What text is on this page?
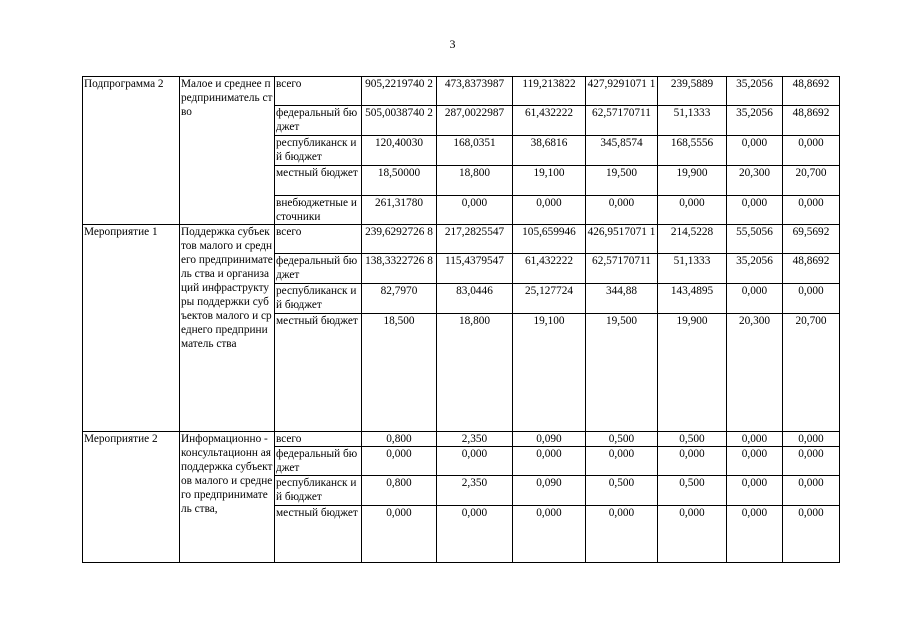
3
Подпрограмма 2	Малое и среднее предприниматель ство	всего	905,2219740 2	473,8373987	119,213822	427,9291071 1	239,5889	35,2056	48,8692
		федеральный бюджет	505,0038740 2	287,0022987	61,432222	62,57170711	51,1333	35,2056	48,8692
		республиканск ий бюджет	120,40030	168,0351	38,6816	345,8574	168,5556	0,000	0,000
		местный бюджет	18,50000	18,800	19,100	19,500	19,900	20,300	20,700
		внебюджетные источники	261,31780	0,000	0,000	0,000	0,000	0,000	0,000
Мероприятие 1	Поддержка субъектов малого и среднего предприниматель ства и организаций инфраструктуры поддержки субъектов малого и среднего предприниматель ства	всего	239,6292726 8	217,2825547	105,659946	426,9517071 1	214,5228	55,5056	69,5692
		федеральный бюджет	138,3322726 8	115,4379547	61,432222	62,57170711	51,1333	35,2056	48,8692
		республиканск ий бюджет	82,7970	83,0446	25,127724	344,88	143,4895	0,000	0,000
		местный бюджет	18,500	18,800	19,100	19,500	19,900	20,300	20,700
Мероприятие 2	Информационно - консультационн ая поддержка субъектов малого и среднего предприниматель ства,	всего	0,800	2,350	0,090	0,500	0,500	0,000	0,000
		федеральный бюджет	0,000	0,000	0,000	0,000	0,000	0,000	0,000
		республиканск ий бюджет	0,800	2,350	0,090	0,500	0,500	0,000	0,000
		местный бюджет	0,000	0,000	0,000	0,000	0,000	0,000	0,000
